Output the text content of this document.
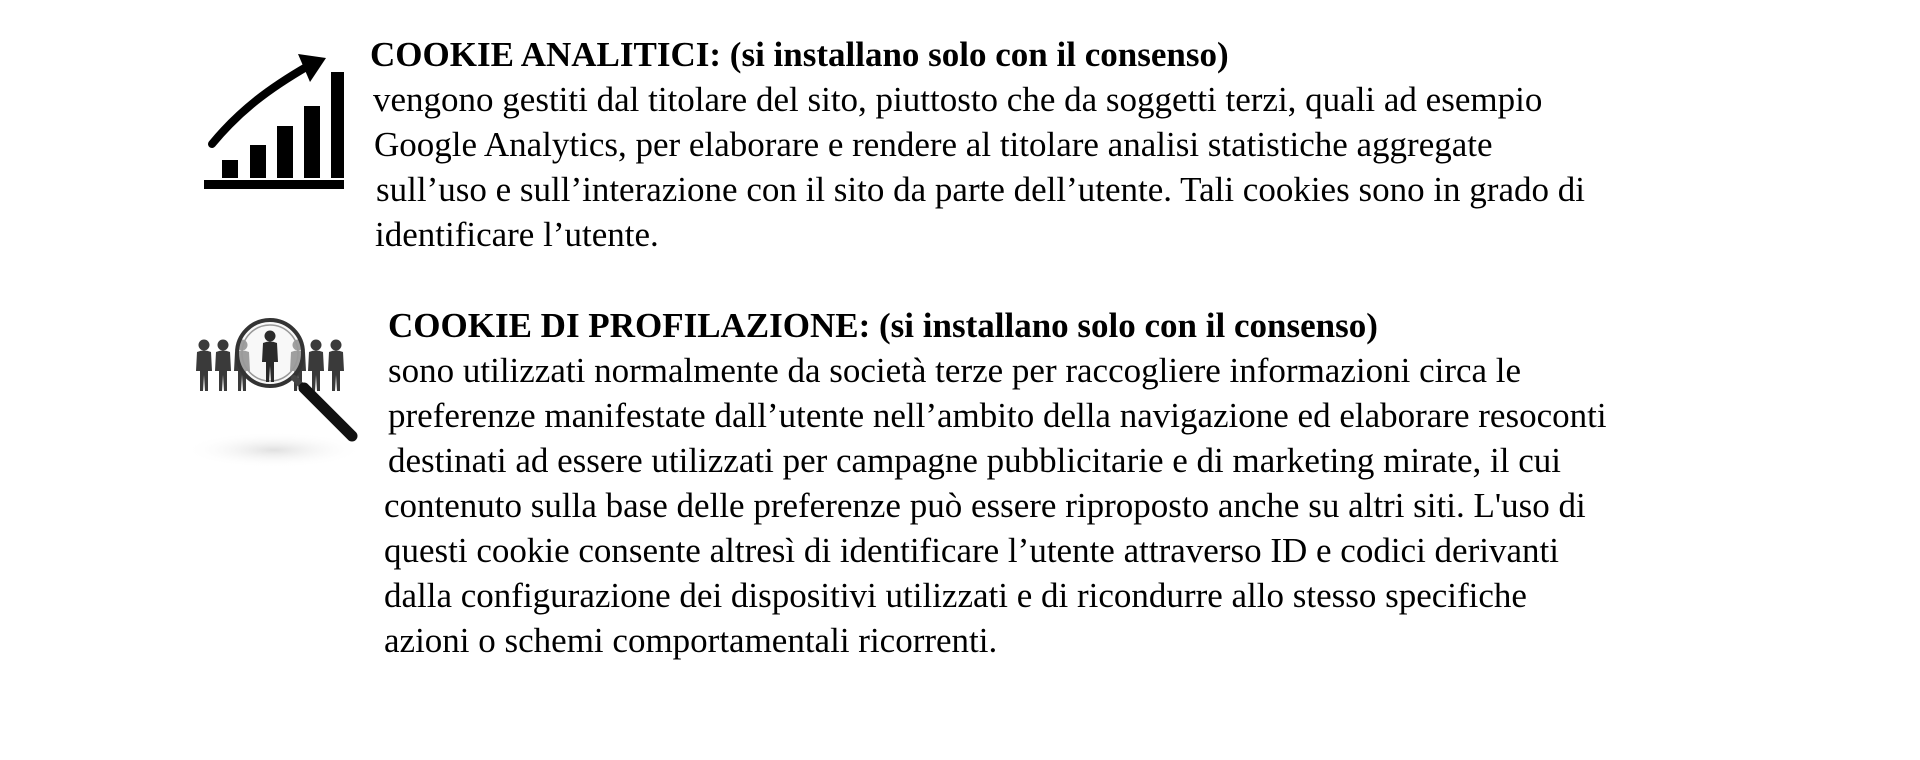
COOKIE ANALITICI: (si installano solo con il consenso)
vengono gestiti dal titolare del sito, piuttosto che da soggetti terzi, quali ad esempio
Google Analytics, per elaborare e rendere al titolare analisi statistiche aggregate
sull’uso e sull’interazione con il sito da parte dell’utente. Tali cookies sono in grado di
identificare l’utente.
COOKIE DI PROFILAZIONE: (si installano solo con il consenso)
sono utilizzati normalmente da società terze per raccogliere informazioni circa le
preferenze manifestate dall’utente nell’ambito della navigazione ed elaborare resoconti
destinati ad essere utilizzati per campagne pubblicitarie e di marketing mirate, il cui
contenuto sulla base delle preferenze può essere riproposto anche su altri siti. L'uso di
questi cookie consente altresì di identificare l’utente attraverso ID e codici derivanti
dalla configurazione dei dispositivi utilizzati e di ricondurre allo stesso specifiche
azioni o schemi comportamentali ricorrenti.
